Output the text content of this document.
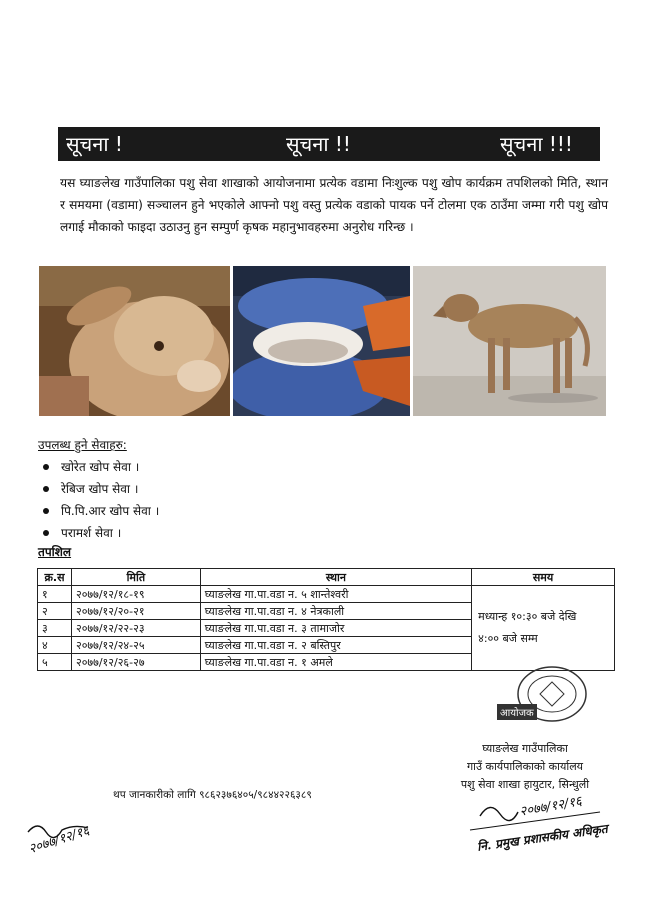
सूचना !	सूचना !!	सूचना !!!
यस घ्याङलेख गाउँपालिका पशु सेवा शाखाको आयोजनामा प्रत्येक वडामा निःशुल्क पशु खोप कार्यक्रम तपशिलको मिति, स्थान र समयमा (वडामा) सञ्चालन हुने भएकोले आफ्नो पशु वस्तु प्रत्येक वडाको पायक पर्ने टोलमा एक ठाउँमा जम्मा गरी पशु खोप लगाई मौकाको फाइदा उठाउनु हुन सम्पुर्ण कृषक महानुभावहरुमा अनुरोध गरिन्छ ।
उपलब्ध हुने सेवाहरु:
खोरेत खोप सेवा ।
रेबिज खोप सेवा ।
पि.पि.आर खोप सेवा ।
परामर्श सेवा ।
तपशिल
क्र.स	मिति	स्थान	समय
१	२०७७/१२/१८-१९	घ्याङलेख गा.पा.वडा न. ५ शान्तेश्वरी	मध्यान्ह १०:३० बजे देखि
४:०० बजे सम्म

२	२०७७/१२/२०-२१	घ्याङलेख गा.पा.वडा न. ४ नेत्रकाली	
३	२०७७/१२/२२-२३	घ्याङलेख गा.पा.वडा न. ३ तामाजोर	
४	२०७७/१२/२४-२५	घ्याङलेख गा.पा.वडा न. २ बस्तिपुर	
५	२०७७/१२/२६-२७	घ्याङलेख गा.पा.वडा न. १ अमले	
आयोजक
घ्याङलेख गाउँपालिका
गाउँ कार्यपालिकाको कार्यालय
पशु सेवा शाखा हायुटार, सिन्धुली
थप जानकारीको लागि ९८६२३७६४०५/९८४४२२६३८९
२०७७/१२/१६
२०७७/१२/१६
नि. प्रमुख प्रशासकीय अधिकृत
